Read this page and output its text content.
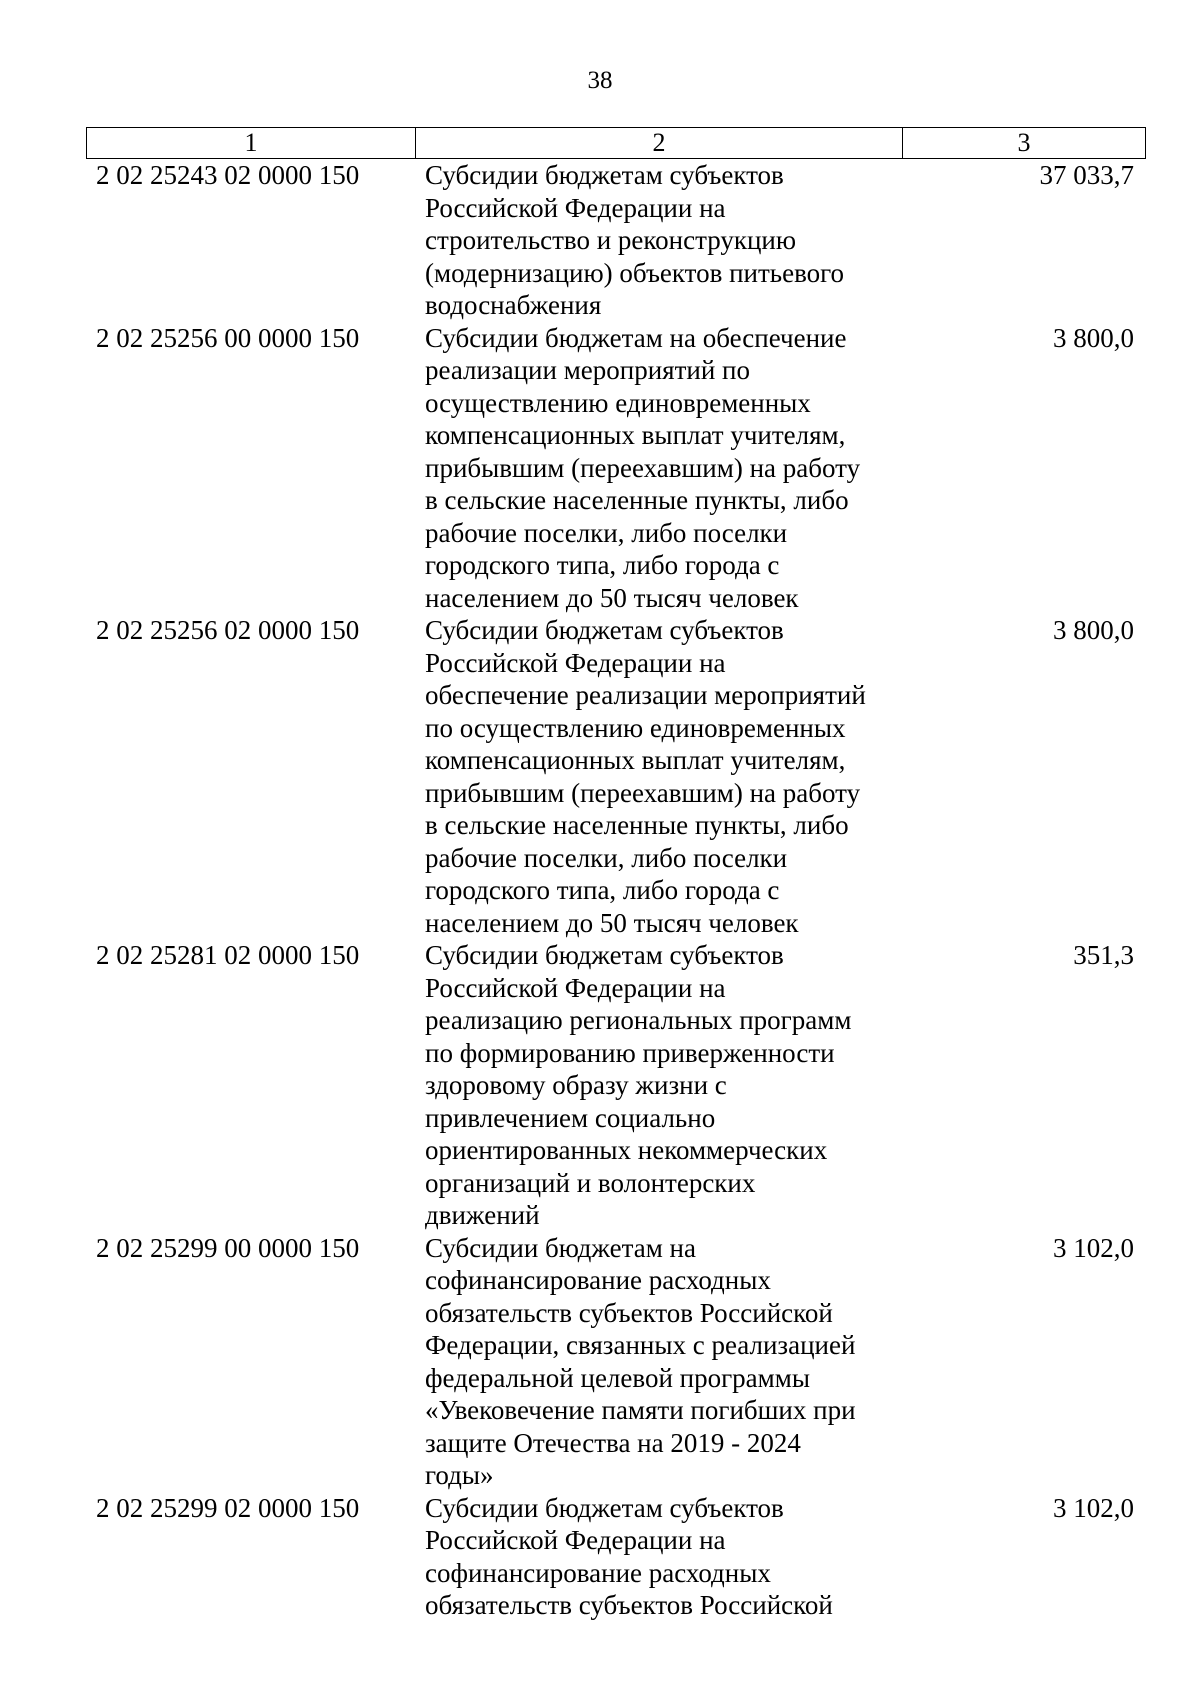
38
1	2	3
2 02 25243 02 0000 150	Субсидии бюджетам субъектов
Российской Федерации на
строительство и реконструкцию
(модернизацию) объектов питьевого
водоснабжения
37 033,7
2 02 25256 00 0000 150	Субсидии бюджетам на обеспечение
реализации мероприятий по
осуществлению единовременных
компенсационных выплат учителям,
прибывшим (переехавшим) на работу
в сельские населенные пункты, либо
рабочие поселки, либо поселки
городского типа, либо города с
населением до 50 тысяч человек
3 800,0
2 02 25256 02 0000 150	Субсидии бюджетам субъектов
Российской Федерации на
обеспечение реализации мероприятий
по осуществлению единовременных
компенсационных выплат учителям,
прибывшим (переехавшим) на работу
в сельские населенные пункты, либо
рабочие поселки, либо поселки
городского типа, либо города с
населением до 50 тысяч человек
3 800,0
2 02 25281 02 0000 150	Субсидии бюджетам субъектов
Российской Федерации на
реализацию региональных программ
по формированию приверженности
здоровому образу жизни с
привлечением социально
ориентированных некоммерческих
организаций и волонтерских
движений
351,3
2 02 25299 00 0000 150	Субсидии бюджетам на
софинансирование расходных
обязательств субъектов Российской
Федерации, связанных с реализацией
федеральной целевой программы
«Увековечение памяти погибших при
защите Отечества на 2019 - 2024
годы»
3 102,0
2 02 25299 02 0000 150	Субсидии бюджетам субъектов
Российской Федерации на
софинансирование расходных
обязательств субъектов Российской
3 102,0
